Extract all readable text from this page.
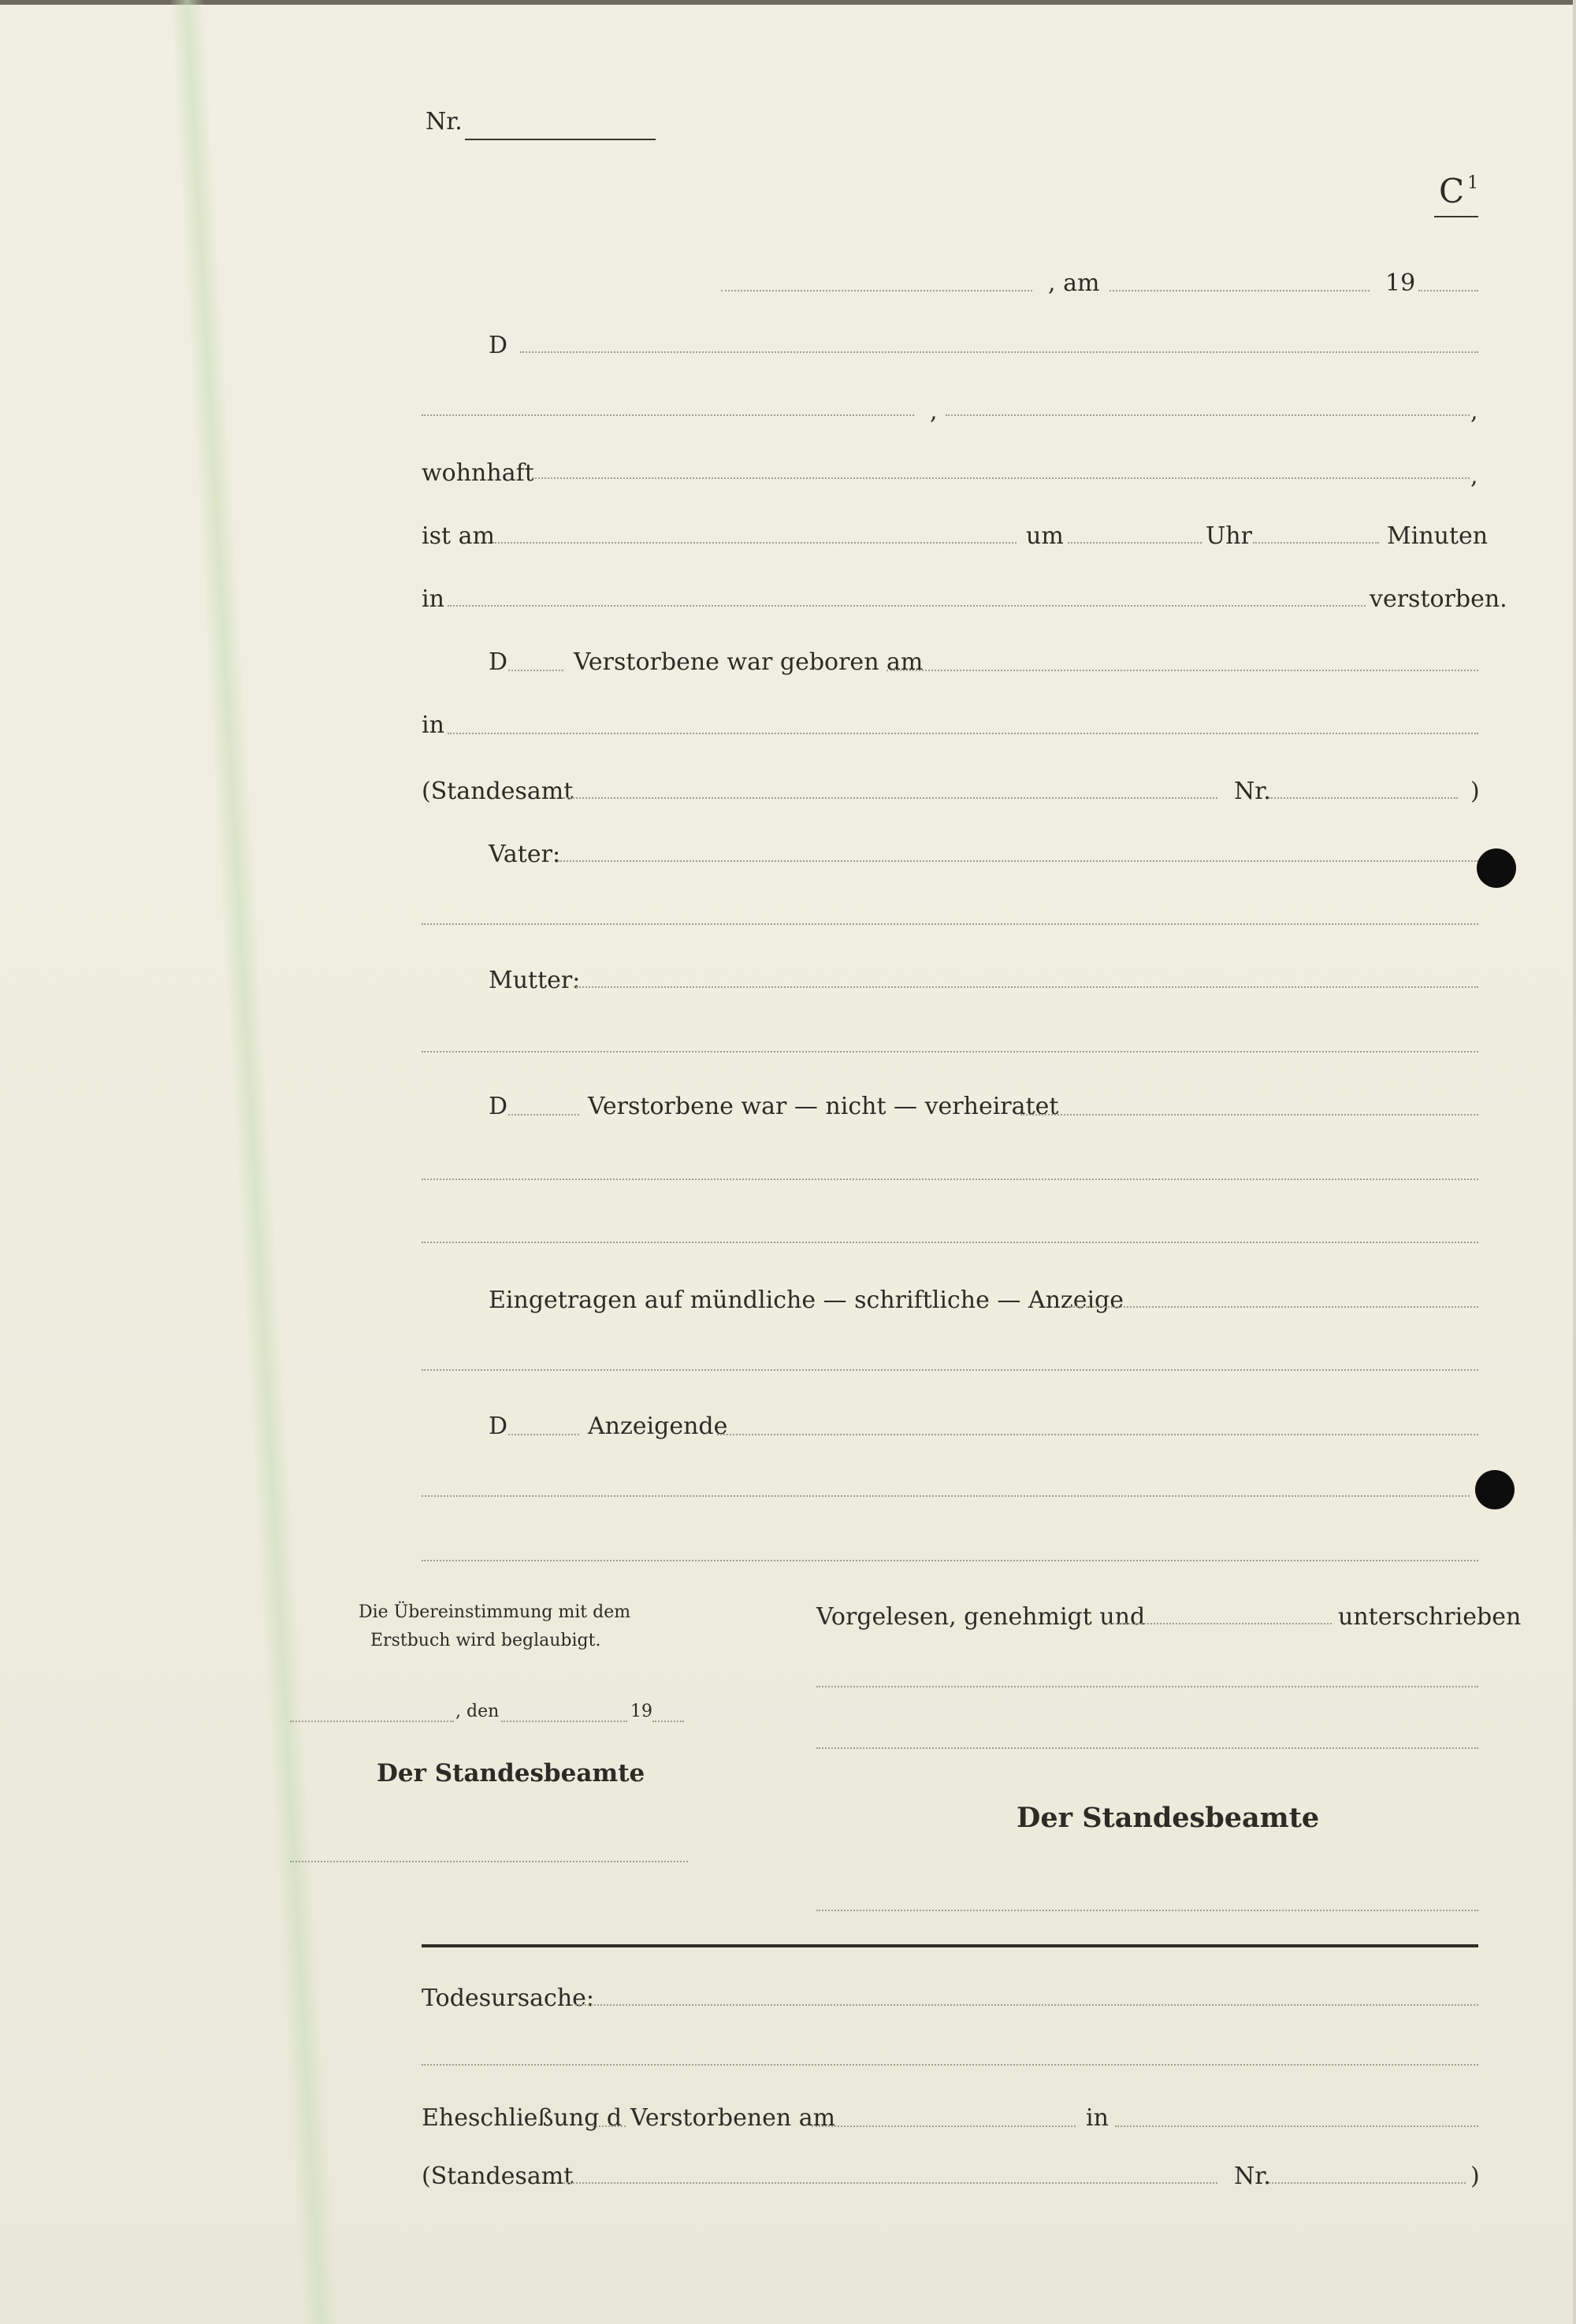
Nr.
C $^1$
, am	19
D
,	,
wohnhaft	,
ist am	um	Uhr	Minuten
in	verstorben.
D	Verstorbene war geboren am
in
(Standesamt	Nr.	)
Vater:
Mutter:
D	Verstorbene war — nicht — verheiratet
Eingetragen auf mündliche — schriftliche — Anzeige
D	Anzeigende
Die Übereinstimmung mit dem
Erstbuch wird beglaubigt.
, den	19
Der Standesbeamte
Vorgelesen, genehmigt und	unterschrieben
Der Standesbeamte
Todesursache:
Eheschließung d Verstorbenen am	in
(Standesamt	Nr.	)
